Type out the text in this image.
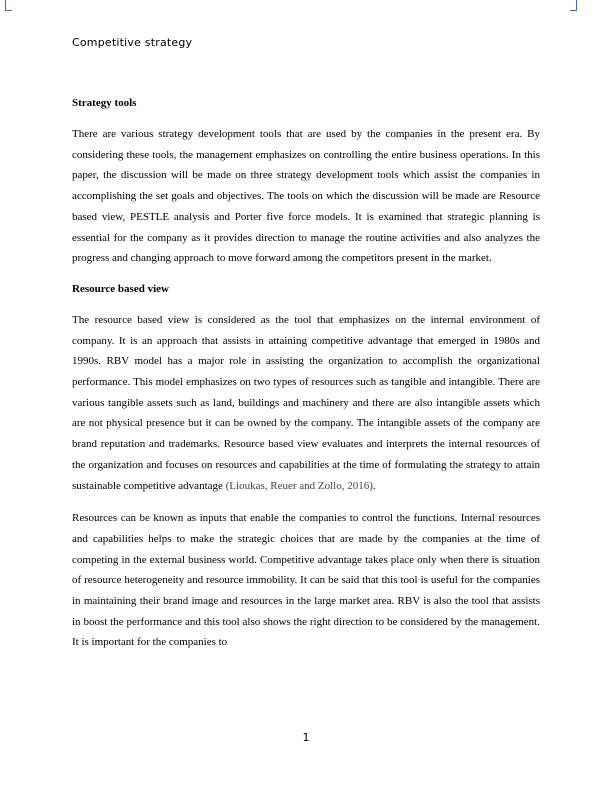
Competitive strategy
Strategy tools

There are various strategy development tools that are used by the companies in the present era. By considering these tools, the management emphasizes on controlling the entire business operations. In this paper, the discussion will be made on three strategy development tools which assist the companies in accomplishing the set goals and objectives. The tools on which the discussion will be made are Resource based view, PESTLE analysis and Porter five force models. It is examined that strategic planning is essential for the company as it provides direction to manage the routine activities and also analyzes the progress and changing approach to move forward among the competitors present in the market.

Resource based view

The resource based view is considered as the tool that emphasizes on the internal environment of company. It is an approach that assists in attaining competitive advantage that emerged in 1980s and 1990s. RBV model has a major role in assisting the organization to accomplish the organizational performance. This model emphasizes on two types of resources such as tangible and intangible. There are various tangible assets such as land, buildings and machinery and there are also intangible assets which are not physical presence but it can be owned by the company. The intangible assets of the company are brand reputation and trademarks. Resource based view evaluates and interprets the internal resources of the organization and focuses on resources and capabilities at the time of formulating the strategy to attain sustainable competitive advantage (Lioukas, Reuer and Zollo, 2016).

Resources can be known as inputs that enable the companies to control the functions. Internal resources and capabilities helps to make the strategic choices that are made by the companies at the time of competing in the external business world. Competitive advantage takes place only when there is situation of resource heterogeneity and resource immobility. It can be said that this tool is useful for the companies in maintaining their brand image and resources in the large market area. RBV is also the tool that assists in boost the performance and this tool also shows the right direction to be considered by the management. It is important for the companies to

1
